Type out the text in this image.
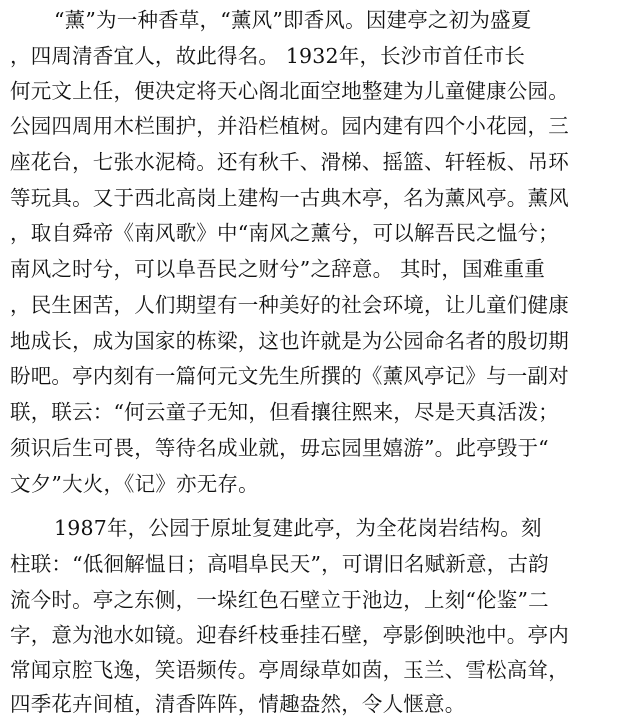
“薰”为一种香草，“薰风”即香风。因建亭之初为盛夏
，四周清香宜人，故此得名。 1932年，长沙市首任市长
何元文上任，便决定将天心阁北面空地整建为儿童健康公园。
公园四周用木栏围护，并沿栏植树。园内建有四个小花园，三
座花台，七张水泥椅。还有秋千、滑梯、摇篮、轩轾板、吊环
等玩具。又于西北高岗上建构一古典木亭，名为薰风亭。薰风
，取自舜帝《南风歌》中“南风之薰兮，可以解吾民之愠兮；
南风之时兮，可以阜吾民之财兮”之辞意。 其时，国难重重
，民生困苦，人们期望有一种美好的社会环境，让儿童们健康
地成长，成为国家的栋梁，这也许就是为公园命名者的殷切期
盼吧。亭内刻有一篇何元文先生所撰的《薰风亭记》与一副对
联，联云：“何云童子无知，但看攘往熙来，尽是天真活泼；
须识后生可畏，等待名成业就，毋忘园里嬉游”。此亭毁于“
文夕”大火，《记》亦无存。
1987年，公园于原址复建此亭，为全花岗岩结构。刻
柱联：“低徊解愠日；高唱阜民天”，可谓旧名赋新意，古韵
流今时。亭之东侧，一垛红色石壁立于池边，上刻“伦鉴”二
字，意为池水如镜。迎春纤枝垂挂石壁，亭影倒映池中。亭内
常闻京腔飞逸，笑语频传。亭周绿草如茵，玉兰、雪松高耸，
四季花卉间植，清香阵阵，情趣盎然，令人惬意。
